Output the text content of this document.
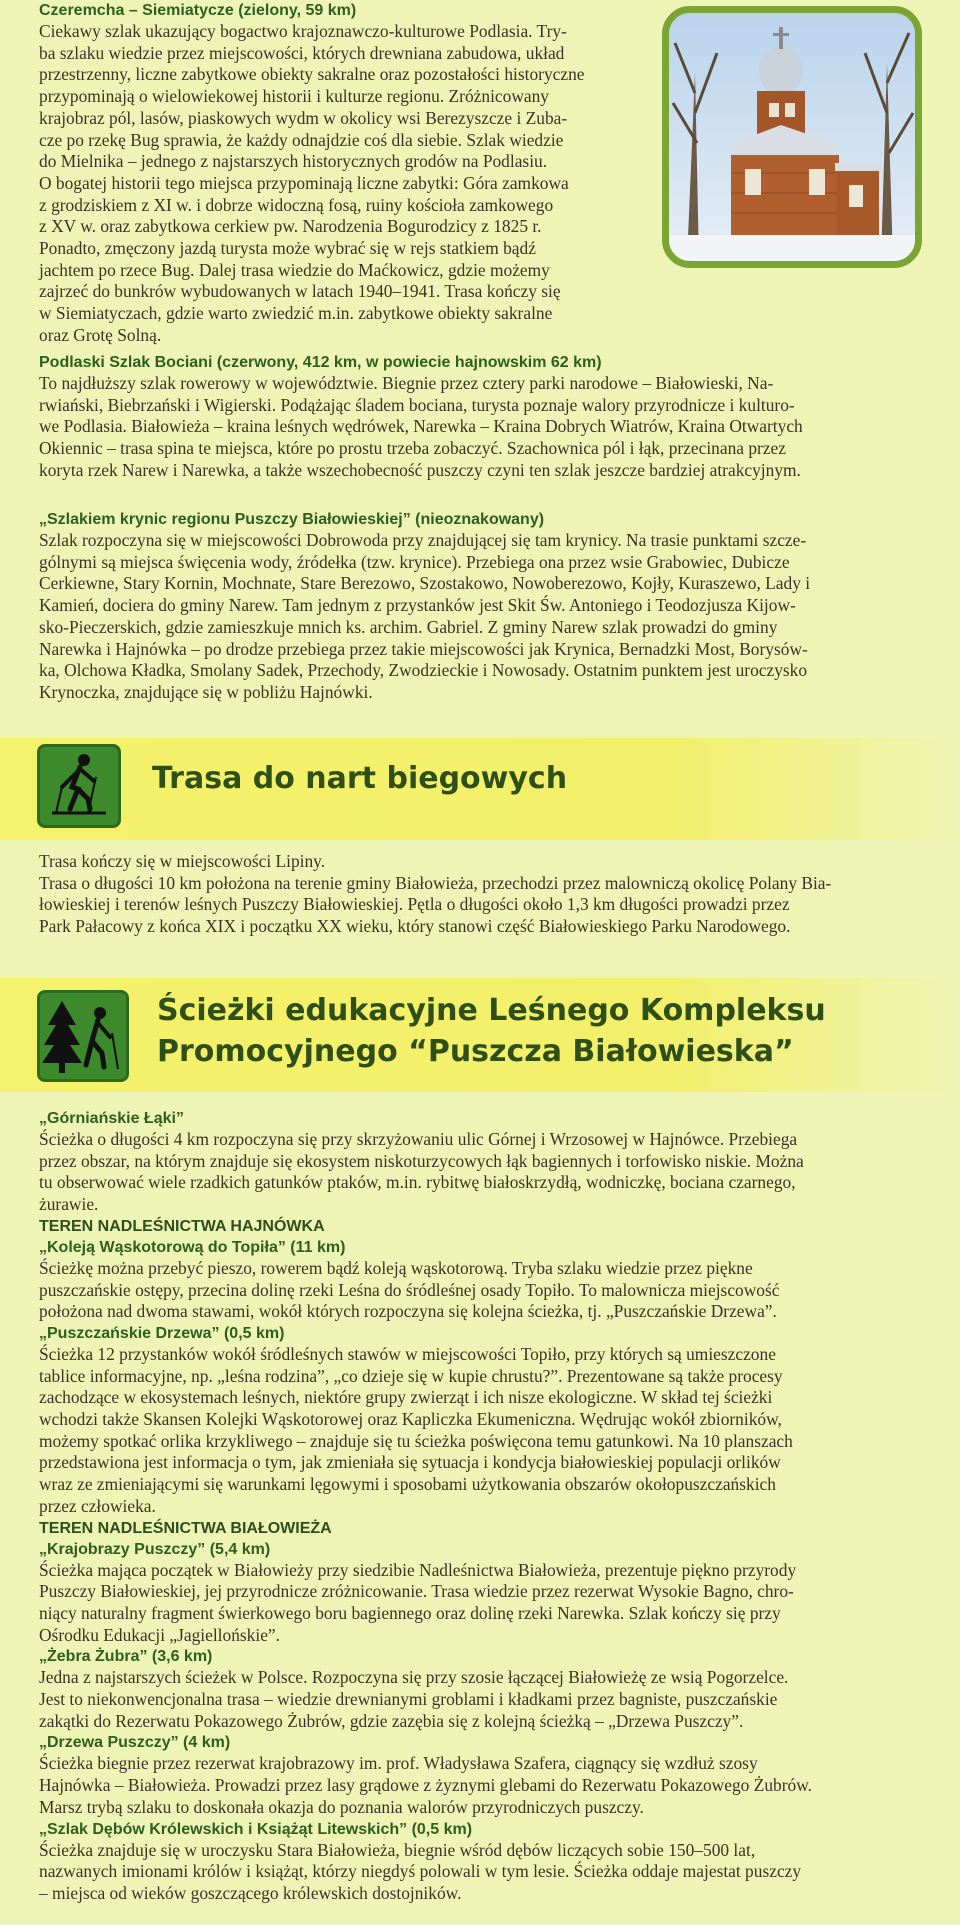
Czeremcha – Siemiatycze (zielony, 59 km)
Ciekawy szlak ukazujący bogactwo krajoznawczo-kulturowe Podlasia. Try-
ba szlaku wiedzie przez miejscowości, których drewniana zabudowa, układ
przestrzenny, liczne zabytkowe obiekty sakralne oraz pozostałości historyczne
przypominają o wielowiekowej historii i kulturze regionu. Zróżnicowany
krajobraz pól, lasów, piaskowych wydm w okolicy wsi Berezyszcze i Zuba-
cze po rzekę Bug sprawia, że każdy odnajdzie coś dla siebie. Szlak wiedzie
do Mielnika – jednego z najstarszych historycznych grodów na Podlasiu.
O bogatej historii tego miejsca przypominają liczne zabytki: Góra zamkowa
z grodziskiem z XI w. i dobrze widoczną fosą, ruiny kościoła zamkowego
z XV w. oraz zabytkowa cerkiew pw. Narodzenia Bogurodzicy z 1825 r.
Ponadto, zmęczony jazdą turysta może wybrać się w rejs statkiem bądź
jachtem po rzece Bug. Dalej trasa wiedzie do Maćkowicz, gdzie możemy
zajrzeć do bunkrów wybudowanych w latach 1940–1941. Trasa kończy się
w Siemiatyczach, gdzie warto zwiedzić m.in. zabytkowe obiekty sakralne
oraz Grotę Solną.
Podlaski Szlak Bociani (czerwony, 412 km, w powiecie hajnowskim 62 km)
To najdłuższy szlak rowerowy w województwie. Biegnie przez cztery parki narodowe – Białowieski, Na-
rwiański, Biebrzański i Wigierski. Podążając śladem bociana, turysta poznaje walory przyrodnicze i kulturo-
we Podlasia. Białowieża – kraina leśnych wędrówek, Narewka – Kraina Dobrych Wiatrów, Kraina Otwartych
Okiennic – trasa spina te miejsca, które po prostu trzeba zobaczyć. Szachownica pól i łąk, przecinana przez
koryta rzek Narew i Narewka, a także wszechobecność puszczy czyni ten szlak jeszcze bardziej atrakcyjnym.
„Szlakiem krynic regionu Puszczy Białowieskiej” (nieoznakowany)
Szlak rozpoczyna się w miejscowości Dobrowoda przy znajdującej się tam krynicy. Na trasie punktami szcze-
gólnymi są miejsca święcenia wody, źródełka (tzw. krynice). Przebiega ona przez wsie Grabowiec, Dubicze
Cerkiewne, Stary Kornin, Mochnate, Stare Berezowo, Szostakowo, Nowoberezowo, Kojły, Kuraszewo, Lady i
Kamień, dociera do gminy Narew. Tam jednym z przystanków jest Skit Św. Antoniego i Teodozjusza Kijow-
sko-Pieczerskich, gdzie zamieszkuje mnich ks. archim. Gabriel. Z gminy Narew szlak prowadzi do gminy
Narewka i Hajnówka – po drodze przebiega przez takie miejscowości jak Krynica, Bernadzki Most, Borysów-
ka, Olchowa Kładka, Smolany Sadek, Przechody, Zwodzieckie i Nowosady. Ostatnim punktem jest uroczysko
Krynoczka, znajdujące się w pobliżu Hajnówki.
Trasa do nart biegowych
Trasa kończy się w miejscowości Lipiny.
Trasa o długości 10 km położona na terenie gminy Białowieża, przechodzi przez malowniczą okolicę Polany Bia-
łowieskiej i terenów leśnych Puszczy Białowieskiej. Pętla o długości około 1,3 km długości prowadzi przez
Park Pałacowy z końca XIX i początku XX wieku, który stanowi część Białowieskiego Parku Narodowego.
Ścieżki edukacyjne Leśnego Kompleksu
Promocyjnego “Puszcza Białowieska”
„Górniańskie Łąki”
Ścieżka o długości 4 km rozpoczyna się przy skrzyżowaniu ulic Górnej i Wrzosowej w Hajnówce. Przebiega
przez obszar, na którym znajduje się ekosystem niskoturzycowych łąk bagiennych i torfowisko niskie. Można
tu obserwować wiele rzadkich gatunków ptaków, m.in. rybitwę białoskrzydłą, wodniczkę, bociana czarnego,
żurawie.
TEREN NADLEŚNICTWA HAJNÓWKA
„Koleją Wąskotorową do Topiła” (11 km)
Ścieżkę można przebyć pieszo, rowerem bądź koleją wąskotorową. Tryba szlaku wiedzie przez piękne
puszczańskie ostępy, przecina dolinę rzeki Leśna do śródleśnej osady Topiło. To malownicza miejscowość
położona nad dwoma stawami, wokół których rozpoczyna się kolejna ścieżka, tj. „Puszczańskie Drzewa”.
„Puszczańskie Drzewa” (0,5 km)
Ścieżka 12 przystanków wokół śródleśnych stawów w miejscowości Topiło, przy których są umieszczone
tablice informacyjne, np. „leśna rodzina”, „co dzieje się w kupie chrustu?”. Prezentowane są także procesy
zachodzące w ekosystemach leśnych, niektóre grupy zwierząt i ich nisze ekologiczne. W skład tej ścieżki
wchodzi także Skansen Kolejki Wąskotorowej oraz Kapliczka Ekumeniczna. Wędrując wokół zbiorników,
możemy spotkać orlika krzykliwego – znajduje się tu ścieżka poświęcona temu gatunkowi. Na 10 planszach
przedstawiona jest informacja o tym, jak zmieniała się sytuacja i kondycja białowieskiej populacji orlików
wraz ze zmieniającymi się warunkami lęgowymi i sposobami użytkowania obszarów okołopuszczańskich
przez człowieka.
TEREN NADLEŚNICTWA BIAŁOWIEŻA
„Krajobrazy Puszczy” (5,4 km)
Ścieżka mająca początek w Białowieży przy siedzibie Nadleśnictwa Białowieża, prezentuje piękno przyrody
Puszczy Białowieskiej, jej przyrodnicze zróżnicowanie. Trasa wiedzie przez rezerwat Wysokie Bagno, chro-
niący naturalny fragment świerkowego boru bagiennego oraz dolinę rzeki Narewka. Szlak kończy się przy
Ośrodku Edukacji „Jagiellońskie”.
„Żebra Żubra” (3,6 km)
Jedna z najstarszych ścieżek w Polsce. Rozpoczyna się przy szosie łączącej Białowieżę ze wsią Pogorzelce.
Jest to niekonwencjonalna trasa – wiedzie drewnianymi groblami i kładkami przez bagniste, puszczańskie
zakątki do Rezerwatu Pokazowego Żubrów, gdzie zazębia się z kolejną ścieżką – „Drzewa Puszczy”.
„Drzewa Puszczy” (4 km)
Ścieżka biegnie przez rezerwat krajobrazowy im. prof. Władysława Szafera, ciągnący się wzdłuż szosy
Hajnówka – Białowieża. Prowadzi przez lasy grądowe z żyznymi glebami do Rezerwatu Pokazowego Żubrów.
Marsz trybą szlaku to doskonała okazja do poznania walorów przyrodniczych puszczy.
„Szlak Dębów Królewskich i Książąt Litewskich” (0,5 km)
Ścieżka znajduje się w uroczysku Stara Białowieża, biegnie wśród dębów liczących sobie 150–500 lat,
nazwanych imionami królów i książąt, którzy niegdyś polowali w tym lesie. Ścieżka oddaje majestat puszczy
– miejsca od wieków goszczącego królewskich dostojników.
